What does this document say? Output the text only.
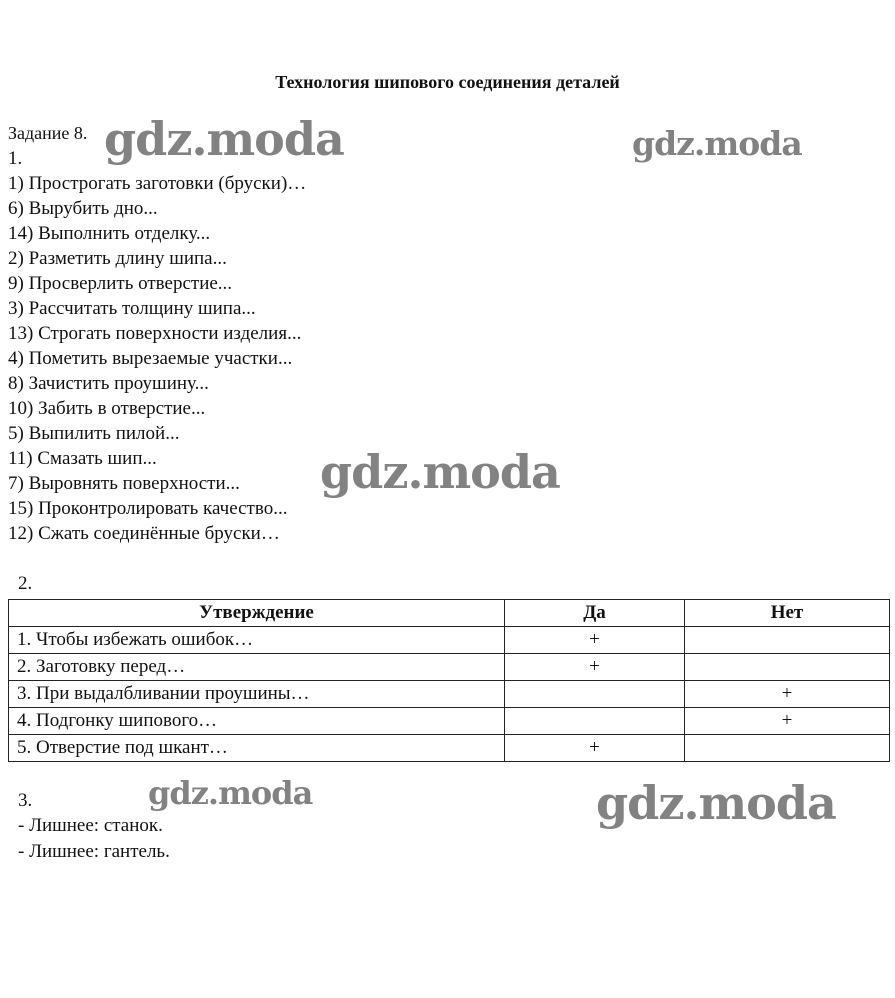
Технология шипового соединения деталей
Задание 8.
1.
1) Прострогать заготовки (бруски)…
6) Вырубить дно...
14) Выполнить отделку...
2) Разметить длину шипа...
9) Просверлить отверстие...
3) Рассчитать толщину шипа...
13) Строгать поверхности изделия...
4) Пометить вырезаемые участки...
8) Зачистить проушину...
10) Забить в отверстие...
5) Выпилить пилой...
11) Смазать шип...
7) Выровнять поверхности...
15) Проконтролировать качество...
12) Сжать соединённые бруски…
2.
Утверждение	Да	Нет
1. Чтобы избежать ошибок…	+	
2. Заготовку перед…	+	
3. При выдалбливании проушины…		+
4. Подгонку шипового…		+
5. Отверстие под шкант…	+	
3.
- Лишнее: станок.
- Лишнее: гантель.
gdz.moda	gdz.moda
gdz.moda
gdz.moda	gdz.moda
